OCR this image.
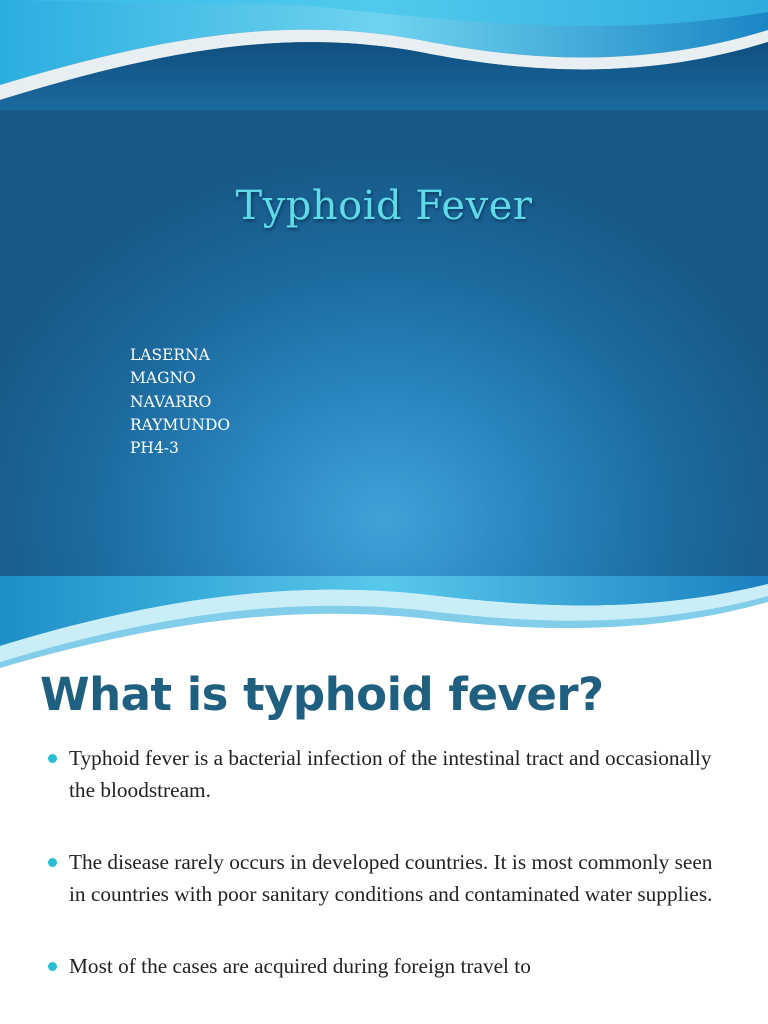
Typhoid Fever
LASERNA
MAGNO
NAVARRO
RAYMUNDO
PH4-3
What is typhoid fever?
Typhoid fever is a bacterial infection of the intestinal tract and occasionally the bloodstream.
The disease rarely occurs in developed countries. It is most commonly seen in countries with poor sanitary conditions and contaminated water supplies.
Most of the cases are acquired during foreign travel to
